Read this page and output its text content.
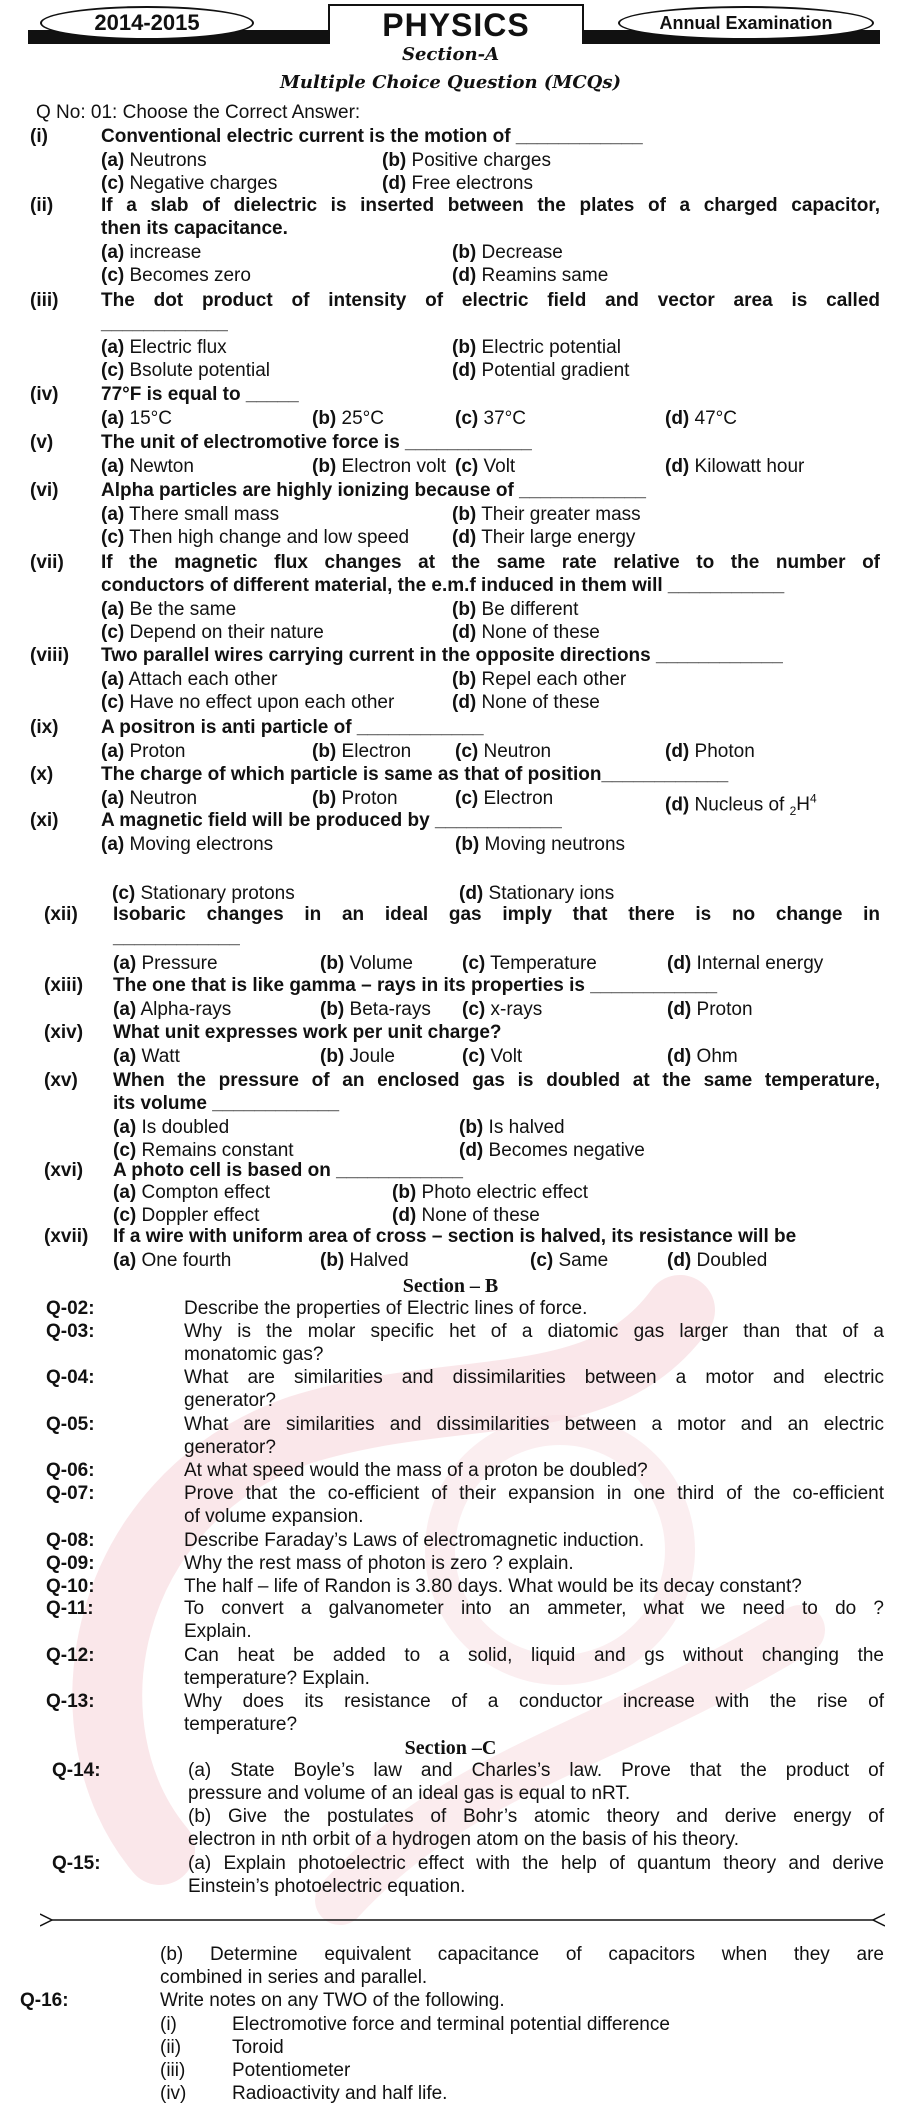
2014-2015	PHYSICS	Annual Examination
Section-A
Multiple Choice Question (MCQs)
Q No: 01: Choose the Correct Answer:
(i)	Conventional electric current is the motion of ____________
(a) Neutrons	(b) Positive charges
(c) Negative charges	(d) Free electrons
(ii)	If a slab of dielectric is inserted between the plates of a charged capacitor,
then its capacitance.
(a) increase	(b) Decrease
(c) Becomes zero	(d) Reamins same
(iii) The dot product of intensity of electric field and vector area is called
____________
(a) Electric flux	(b) Electric potential
(c) Bsolute potential	(d) Potential gradient
(iv) 77°F is equal to _____
(a) 15°C	(b) 25°C	(c) 37°C	(d) 47°C
(v)	The unit of electromotive force is ____________
(a) Newton	(b) Electron volt (c) Volt	(d) Kilowatt hour
(vi) Alpha particles are highly ionizing because of ____________
(a) There small mass	(b) Their greater mass
(c) Then high change and low speed (d) Their large energy
(vii) If the magnetic flux changes at the same rate relative to the number of
conductors of different material, the e.m.f induced in them will ___________
(a) Be the same	(b) Be different
(c) Depend on their nature	(d) None of these
(viii) Two parallel wires carrying current in the opposite directions ____________
(a) Attach each other	(b) Repel each other
(c) Have no effect upon each other	(d) None of these
(ix) A positron is anti particle of ____________
(a) Proton	(b) Electron (c) Neutron	(d) Photon
(x)	The charge of which particle is same as that of position____________
(a) Neutron	(b) Proton	(c) Electron	(d) Nucleus of $_2H^4$
(xi) A magnetic field will be produced by ____________
(a) Moving electrons	(b) Moving neutrons
(c) Stationary protons	(d) Stationary ions
(xii) Isobaric changes in an ideal gas imply that there is no change in
____________
(a) Pressure	(b) Volume	(c) Temperature	(d) Internal energy
(xiii) The one that is like gamma – rays in its properties is ____________
(a) Alpha-rays	(b) Beta-rays (c) x-rays	(d) Proton
(xiv) What unit expresses work per unit charge?
(a) Watt	(b) Joule	(c) Volt	(d) Ohm
(xv) When the pressure of an enclosed gas is doubled at the same temperature,
its volume ____________
(a) Is doubled	(b) Is halved
(c) Remains constant	(d) Becomes negative
(xvi) A photo cell is based on ____________
(a) Compton effect	(b) Photo electric effect
(c) Doppler effect	(d) None of these
(xvii) If a wire with uniform area of cross – section is halved, its resistance will be
(a) One fourth	(b) Halved	(c) Same	(d) Doubled
Section – B
Q-02:	Describe the properties of Electric lines of force.
Q-03:	Why is the molar specific het of a diatomic gas larger than that of a
monatomic gas?
Q-04:	What are similarities and dissimilarities between a motor and electric
generator?
Q-05:	What are similarities and dissimilarities between a motor and an electric
generator?
Q-06:	At what speed would the mass of a proton be doubled?
Q-07:	Prove that the co-efficient of their expansion in one third of the co-efficient
of volume expansion.
Q-08:	Describe Faraday’s Laws of electromagnetic induction.
Q-09:	Why the rest mass of photon is zero ? explain.
Q-10:	The half – life of Randon is 3.80 days. What would be its decay constant?
Q-11:	To convert a galvanometer into an ammeter, what we need to do ?
Explain.
Q-12:	Can heat be added to a solid, liquid and gs without changing the
temperature? Explain.
Q-13:	Why does its resistance of a conductor increase with the rise of
temperature?
Section –C
Q-14:	(a) State Boyle’s law and Charles’s law. Prove that the product of
pressure and volume of an ideal gas is equal to nRT.
(b) Give the postulates of Bohr’s atomic theory and derive energy of
electron in nth orbit of a hydrogen atom on the basis of his theory.
Q-15:	(a) Explain photoelectric effect with the help of quantum theory and derive
Einstein’s photoelectric equation.
(b) Determine equivalent capacitance of capacitors when they are
combined in series and parallel.
Q-16:	Write notes on any TWO of the following.
(i)	Electromotive force and terminal potential difference
(ii)	Toroid
(iii) Potentiometer
(iv) Radioactivity and half life.
